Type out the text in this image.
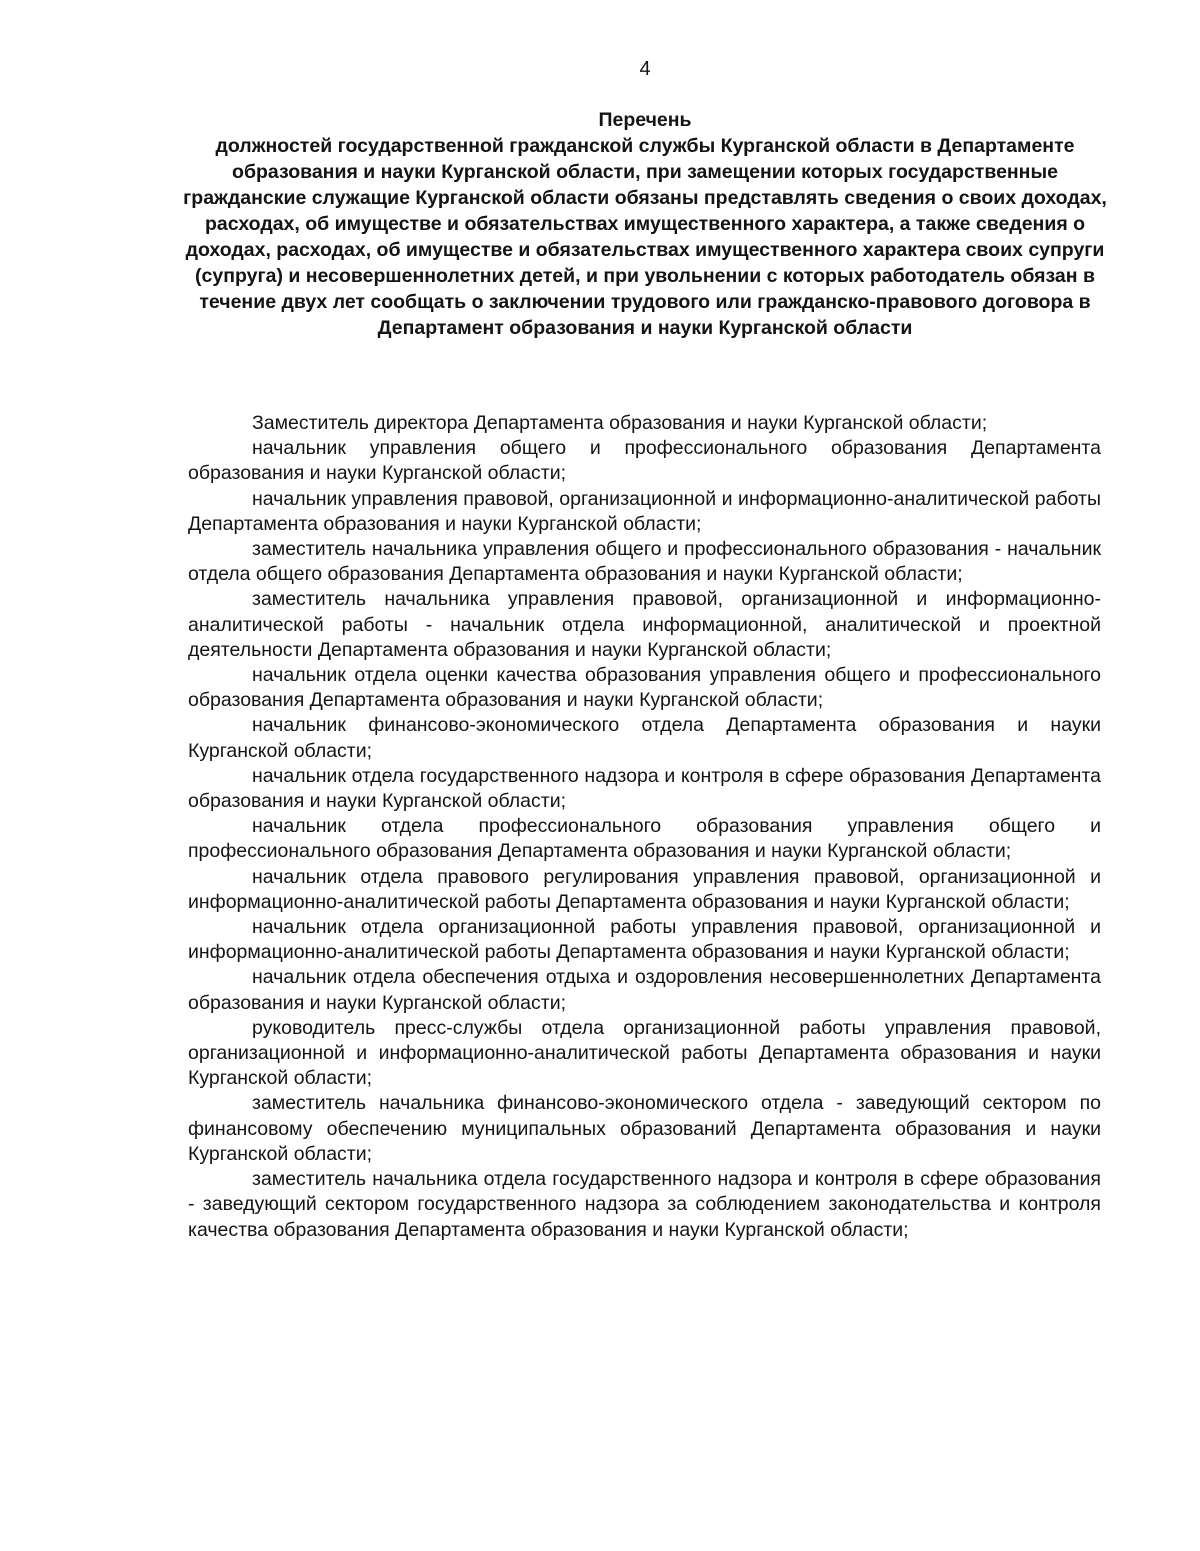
4
Перечень
должностей государственной гражданской службы Курганской области в Департаменте образования и науки Курганской области, при замещении которых государственные гражданские служащие Курганской области обязаны представлять сведения о своих доходах, расходах, об имуществе и обязательствах имущественного характера, а также сведения о доходах, расходах, об имуществе и обязательствах имущественного характера своих супруги (супруга) и несовершеннолетних детей, и при увольнении с которых работодатель обязан в течение двух лет сообщать о заключении трудового или гражданско-правового договора в Департамент образования и науки Курганской области
Заместитель директора Департамента образования и науки Курганской области;
начальник управления общего и профессионального образования Департамента образования и науки Курганской области;
начальник управления правовой, организационной и информационно-аналитической работы Департамента образования и науки Курганской области;
заместитель начальника управления общего и профессионального образования - начальник отдела общего образования Департамента образования и науки Курганской области;
заместитель начальника управления правовой, организационной и информационно-аналитической работы - начальник отдела информационной, аналитической и проектной деятельности Департамента образования и науки Курганской области;
начальник отдела оценки качества образования управления общего и профессионального образования Департамента образования и науки Курганской области;
начальник финансово-экономического отдела Департамента образования и науки Курганской области;
начальник отдела государственного надзора и контроля в сфере образования Департамента образования и науки Курганской области;
начальник отдела профессионального образования управления общего и профессионального образования Департамента образования и науки Курганской области;
начальник отдела правового регулирования управления правовой, организационной и информационно-аналитической работы Департамента образования и науки Курганской области;
начальник отдела организационной работы управления правовой, организационной и информационно-аналитической работы Департамента образования и науки Курганской области;
начальник отдела обеспечения отдыха и оздоровления несовершеннолетних Департамента образования и науки Курганской области;
руководитель пресс-службы отдела организационной работы управления правовой, организационной и информационно-аналитической работы Департамента образования и науки Курганской области;
заместитель начальника финансово-экономического отдела - заведующий сектором по финансовому обеспечению муниципальных образований Департамента образования и науки Курганской области;
заместитель начальника отдела государственного надзора и контроля в сфере образования - заведующий сектором государственного надзора за соблюдением законодательства и контроля качества образования Департамента образования и науки Курганской области;
